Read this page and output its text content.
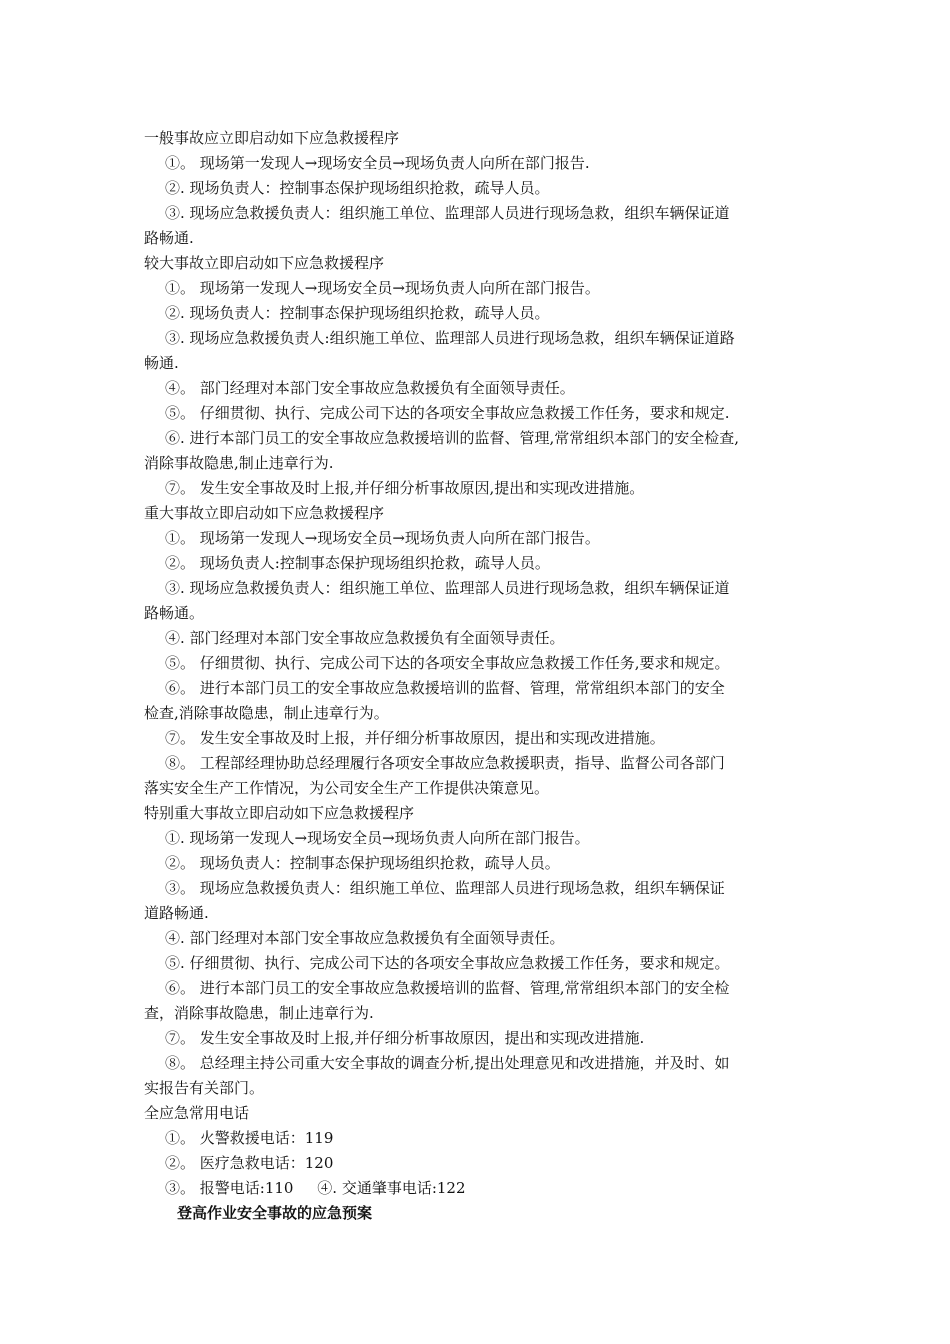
一般事故应立即启动如下应急救援程序
①。 现场第一发现人→现场安全员→现场负责人向所在部门报告.
②. 现场负责人：控制事态保护现场组织抢救，疏导人员。
③. 现场应急救援负责人：组织施工单位、监理部人员进行现场急救，组织车辆保证道
路畅通.
较大事故立即启动如下应急救援程序
①。 现场第一发现人→现场安全员→现场负责人向所在部门报告。
②. 现场负责人：控制事态保护现场组织抢救，疏导人员。
③. 现场应急救援负责人:组织施工单位、监理部人员进行现场急救，组织车辆保证道路
畅通.
④。 部门经理对本部门安全事故应急救援负有全面领导责任。
⑤。 仔细贯彻、执行、完成公司下达的各项安全事故应急救援工作任务，要求和规定.
⑥. 进行本部门员工的安全事故应急救援培训的监督、管理,常常组织本部门的安全检查,
消除事故隐患,制止违章行为.
⑦。 发生安全事故及时上报,并仔细分析事故原因,提出和实现改进措施。
重大事故立即启动如下应急救援程序
①。 现场第一发现人→现场安全员→现场负责人向所在部门报告。
②。 现场负责人:控制事态保护现场组织抢救，疏导人员。
③. 现场应急救援负责人：组织施工单位、监理部人员进行现场急救，组织车辆保证道
路畅通。
④. 部门经理对本部门安全事故应急救援负有全面领导责任。
⑤。 仔细贯彻、执行、完成公司下达的各项安全事故应急救援工作任务,要求和规定。
⑥。 进行本部门员工的安全事故应急救援培训的监督、管理，常常组织本部门的安全
检查,消除事故隐患，制止违章行为。
⑦。 发生安全事故及时上报，并仔细分析事故原因，提出和实现改进措施。
⑧。 工程部经理协助总经理履行各项安全事故应急救援职责，指导、监督公司各部门
落实安全生产工作情况，为公司安全生产工作提供决策意见。
特别重大事故立即启动如下应急救援程序
①. 现场第一发现人→现场安全员→现场负责人向所在部门报告。
②。 现场负责人：控制事态保护现场组织抢救，疏导人员。
③。 现场应急救援负责人：组织施工单位、监理部人员进行现场急救，组织车辆保证
道路畅通.
④. 部门经理对本部门安全事故应急救援负有全面领导责任。
⑤. 仔细贯彻、执行、完成公司下达的各项安全事故应急救援工作任务，要求和规定。
⑥。 进行本部门员工的安全事故应急救援培训的监督、管理,常常组织本部门的安全检
查，消除事故隐患，制止违章行为.
⑦。 发生安全事故及时上报,并仔细分析事故原因，提出和实现改进措施.
⑧。 总经理主持公司重大安全事故的调查分析,提出处理意见和改进措施，并及时、如
实报告有关部门。
全应急常用电话
①。 火警救援电话：119
②。 医疗急救电话：120
③。 报警电话:110     ④. 交通肇事电话:122
登高作业安全事故的应急预案
